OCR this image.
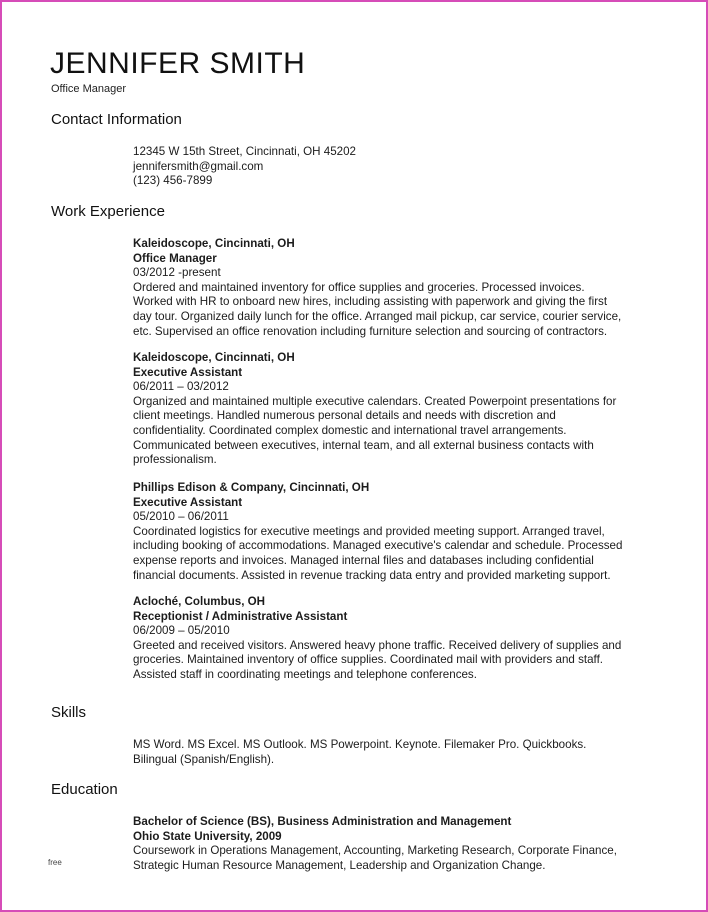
JENNIFER SMITH
Office Manager
Contact Information
12345 W 15th Street, Cincinnati, OH 45202
jennifersmith@gmail.com
(123) 456-7899
Work Experience
Kaleidoscope, Cincinnati, OH
Office Manager
03/2012 -present
Ordered and maintained inventory for office supplies and groceries. Processed invoices.
Worked with HR to onboard new hires, including assisting with paperwork and giving the first
day tour. Organized daily lunch for the office. Arranged mail pickup, car service, courier service,
etc. Supervised an office renovation including furniture selection and sourcing of contractors.
Kaleidoscope, Cincinnati, OH
Executive Assistant
06/2011 – 03/2012
Organized and maintained multiple executive calendars. Created Powerpoint presentations for
client meetings. Handled numerous personal details and needs with discretion and
confidentiality. Coordinated complex domestic and international travel arrangements.
Communicated between executives, internal team, and all external business contacts with
professionalism.
Phillips Edison & Company, Cincinnati, OH
Executive Assistant
05/2010 – 06/2011
Coordinated logistics for executive meetings and provided meeting support. Arranged travel,
including booking of accommodations. Managed executive's calendar and schedule. Processed
expense reports and invoices. Managed internal files and databases including confidential
financial documents. Assisted in revenue tracking data entry and provided marketing support.
Acloché, Columbus, OH
Receptionist / Administrative Assistant
06/2009 – 05/2010
Greeted and received visitors. Answered heavy phone traffic. Received delivery of supplies and
groceries. Maintained inventory of office supplies. Coordinated mail with providers and staff.
Assisted staff in coordinating meetings and telephone conferences.
Skills
MS Word. MS Excel. MS Outlook. MS Powerpoint. Keynote. Filemaker Pro. Quickbooks.
Bilingual (Spanish/English).
Education
Bachelor of Science (BS), Business Administration and Management
Ohio State University, 2009
Coursework in Operations Management, Accounting, Marketing Research, Corporate Finance,
Strategic Human Resource Management, Leadership and Organization Change.
free
